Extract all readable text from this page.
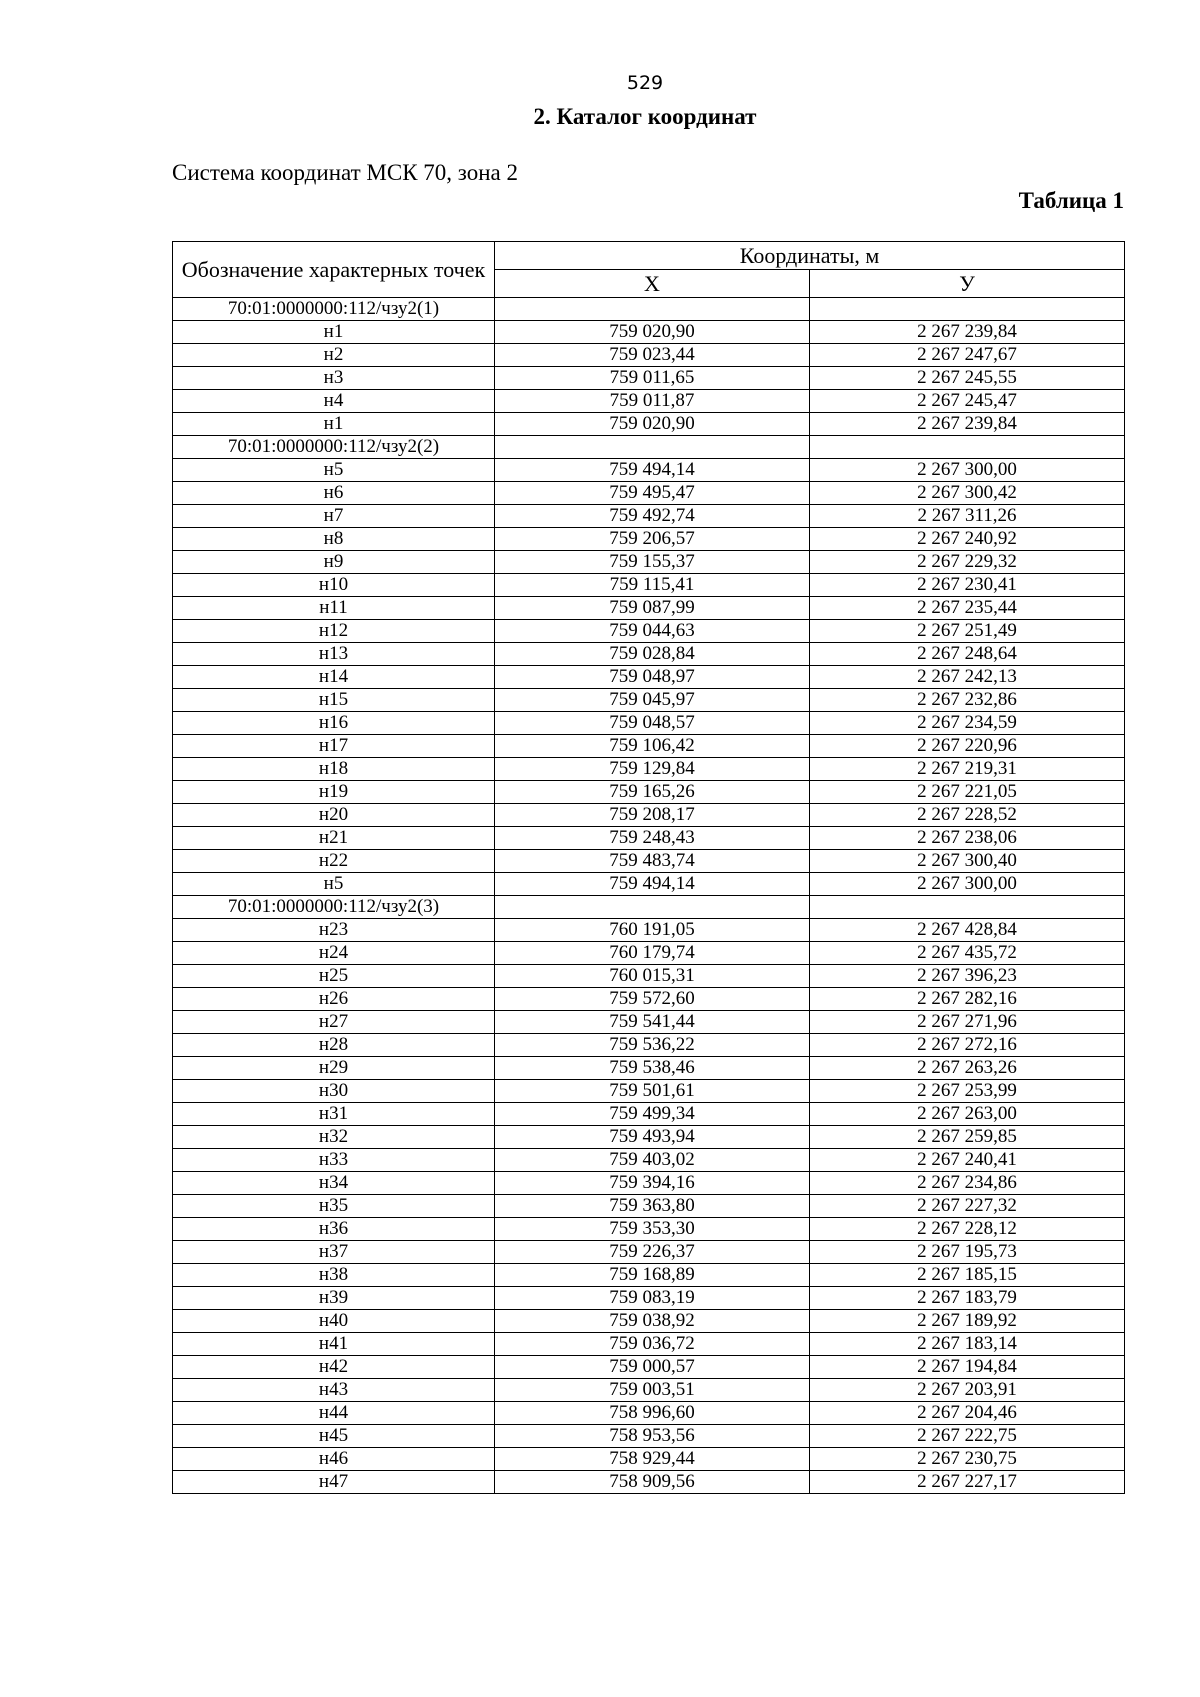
529
2. Каталог координат
Система координат МСК 70, зона 2
Таблица 1
Обозначение характерных точек	Координаты, м	
	X	У
70:01:0000000:112/чзу2(1)		
н1	759 020,90	2 267 239,84
н2	759 023,44	2 267 247,67
н3	759 011,65	2 267 245,55
н4	759 011,87	2 267 245,47
н1	759 020,90	2 267 239,84
70:01:0000000:112/чзу2(2)		
н5	759 494,14	2 267 300,00
н6	759 495,47	2 267 300,42
н7	759 492,74	2 267 311,26
н8	759 206,57	2 267 240,92
н9	759 155,37	2 267 229,32
н10	759 115,41	2 267 230,41
н11	759 087,99	2 267 235,44
н12	759 044,63	2 267 251,49
н13	759 028,84	2 267 248,64
н14	759 048,97	2 267 242,13
н15	759 045,97	2 267 232,86
н16	759 048,57	2 267 234,59
н17	759 106,42	2 267 220,96
н18	759 129,84	2 267 219,31
н19	759 165,26	2 267 221,05
н20	759 208,17	2 267 228,52
н21	759 248,43	2 267 238,06
н22	759 483,74	2 267 300,40
н5	759 494,14	2 267 300,00
70:01:0000000:112/чзу2(3)		
н23	760 191,05	2 267 428,84
н24	760 179,74	2 267 435,72
н25	760 015,31	2 267 396,23
н26	759 572,60	2 267 282,16
н27	759 541,44	2 267 271,96
н28	759 536,22	2 267 272,16
н29	759 538,46	2 267 263,26
н30	759 501,61	2 267 253,99
н31	759 499,34	2 267 263,00
н32	759 493,94	2 267 259,85
н33	759 403,02	2 267 240,41
н34	759 394,16	2 267 234,86
н35	759 363,80	2 267 227,32
н36	759 353,30	2 267 228,12
н37	759 226,37	2 267 195,73
н38	759 168,89	2 267 185,15
н39	759 083,19	2 267 183,79
н40	759 038,92	2 267 189,92
н41	759 036,72	2 267 183,14
н42	759 000,57	2 267 194,84
н43	759 003,51	2 267 203,91
н44	758 996,60	2 267 204,46
н45	758 953,56	2 267 222,75
н46	758 929,44	2 267 230,75
н47	758 909,56	2 267 227,17
